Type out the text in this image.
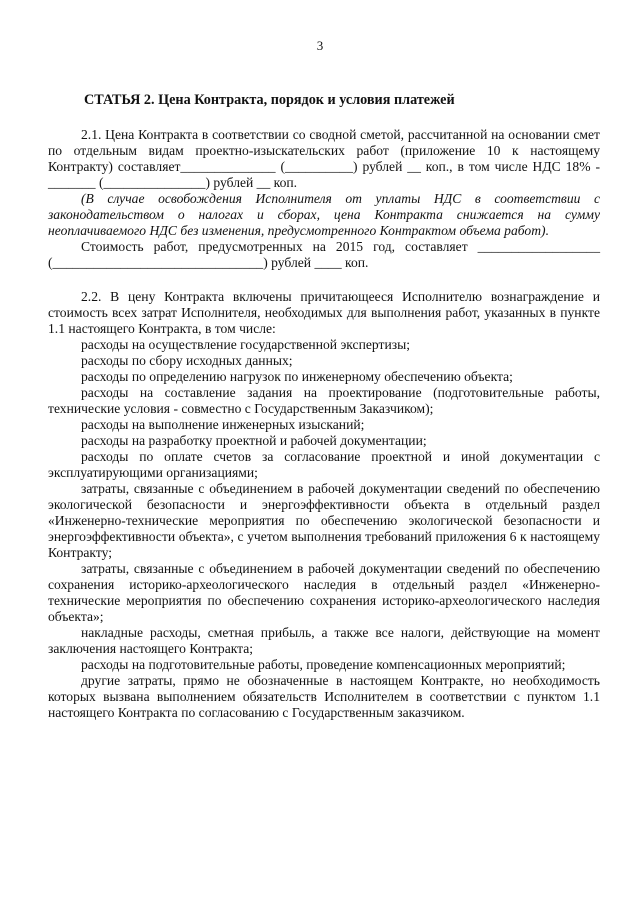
3
СТАТЬЯ 2. Цена Контракта, порядок и условия платежей

2.1. Цена Контракта в соответствии со сводной сметой, рассчитанной на основании смет по отдельным видам проектно-изыскательских работ (приложение 10 к настоящему Контракту) составляет______________ (__________) рублей __ коп., в том числе НДС 18% - _______ (_______________) рублей __ коп.

(В случае освобождения Исполнителя от уплаты НДС в соответствии с законодательством о налогах и сборах, цена Контракта снижается на сумму неоплачиваемого НДС без изменения, предусмотренного Контрактом объема работ).

Стоимость работ, предусмотренных на 2015 год, составляет __________________ (_______________________________) рублей ____ коп.

2.2. В цену Контракта включены причитающееся Исполнителю вознаграждение и стоимость всех затрат Исполнителя, необходимых для выполнения работ, указанных в пункте 1.1 настоящего Контракта, в том числе:

расходы на осуществление государственной экспертизы;

расходы по сбору исходных данных;

расходы по определению нагрузок по инженерному обеспечению объекта;

расходы на составление задания на проектирование (подготовительные работы, технические условия - совместно с Государственным Заказчиком);

расходы на выполнение инженерных изысканий;

расходы на разработку проектной и рабочей документации;

расходы по оплате счетов за согласование проектной и иной документации с эксплуатирующими организациями;

затраты, связанные с объединением в рабочей документации сведений по обеспечению экологической безопасности и энергоэффективности объекта в отдельный раздел «Инженерно-технические мероприятия по обеспечению экологической безопасности и энергоэффективности объекта», с учетом выполнения требований приложения 6 к настоящему Контракту;

затраты, связанные с объединением в рабочей документации сведений по обеспечению сохранения историко-археологического наследия в отдельный раздел «Инженерно-технические мероприятия по обеспечению сохранения историко-археологического наследия объекта»;

накладные расходы, сметная прибыль, а также все налоги, действующие на момент заключения настоящего Контракта;

расходы на подготовительные работы, проведение компенсационных мероприятий;

другие затраты, прямо не обозначенные в настоящем Контракте, но необходимость которых вызвана выполнением обязательств Исполнителем в соответствии с пунктом 1.1 настоящего Контракта по согласованию с Государственным заказчиком.
